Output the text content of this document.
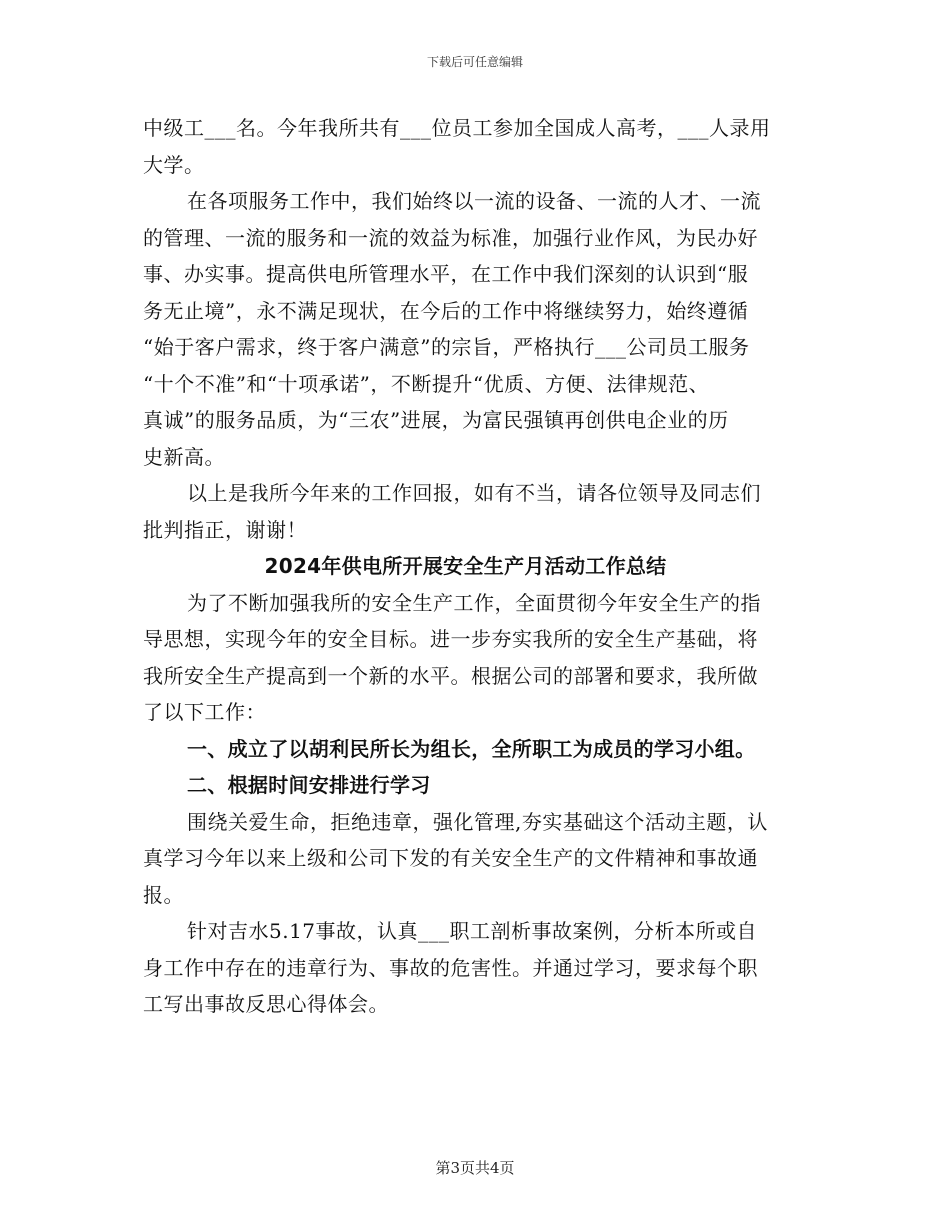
下载后可任意编辑
中级工___名。今年我所共有___位员工参加全国成人高考，___人录用
大学。
在各项服务工作中，我们始终以一流的设备、一流的人才、一流
的管理、一流的服务和一流的效益为标准，加强行业作风，为民办好
事、办实事。提高供电所管理水平，在工作中我们深刻的认识到“服
务无止境”，永不满足现状，在今后的工作中将继续努力，始终遵循
“始于客户需求，终于客户满意”的宗旨，严格执行___公司员工服务
“十个不准”和“十项承诺”，不断提升“优质、方便、法律规范、
真诚”的服务品质，为“三农”进展，为富民强镇再创供电企业的历
史新高。
以上是我所今年来的工作回报，如有不当，请各位领导及同志们
批判指正，谢谢！
2024年供电所开展安全生产月活动工作总结
为了不断加强我所的安全生产工作，全面贯彻今年安全生产的指
导思想，实现今年的安全目标。进一步夯实我所的安全生产基础，将
我所安全生产提高到一个新的水平。根据公司的部署和要求，我所做
了以下工作：
一、成立了以胡利民所长为组长，全所职工为成员的学习小组。
二、根据时间安排进行学习
围绕关爱生命，拒绝违章，强化管理,夯实基础这个活动主题，认
真学习今年以来上级和公司下发的有关安全生产的文件精神和事故通
报。
针对吉水5.17事故，认真___职工剖析事故案例，分析本所或自
身工作中存在的违章行为、事故的危害性。并通过学习，要求每个职
工写出事故反思心得体会。
第3页共4页
